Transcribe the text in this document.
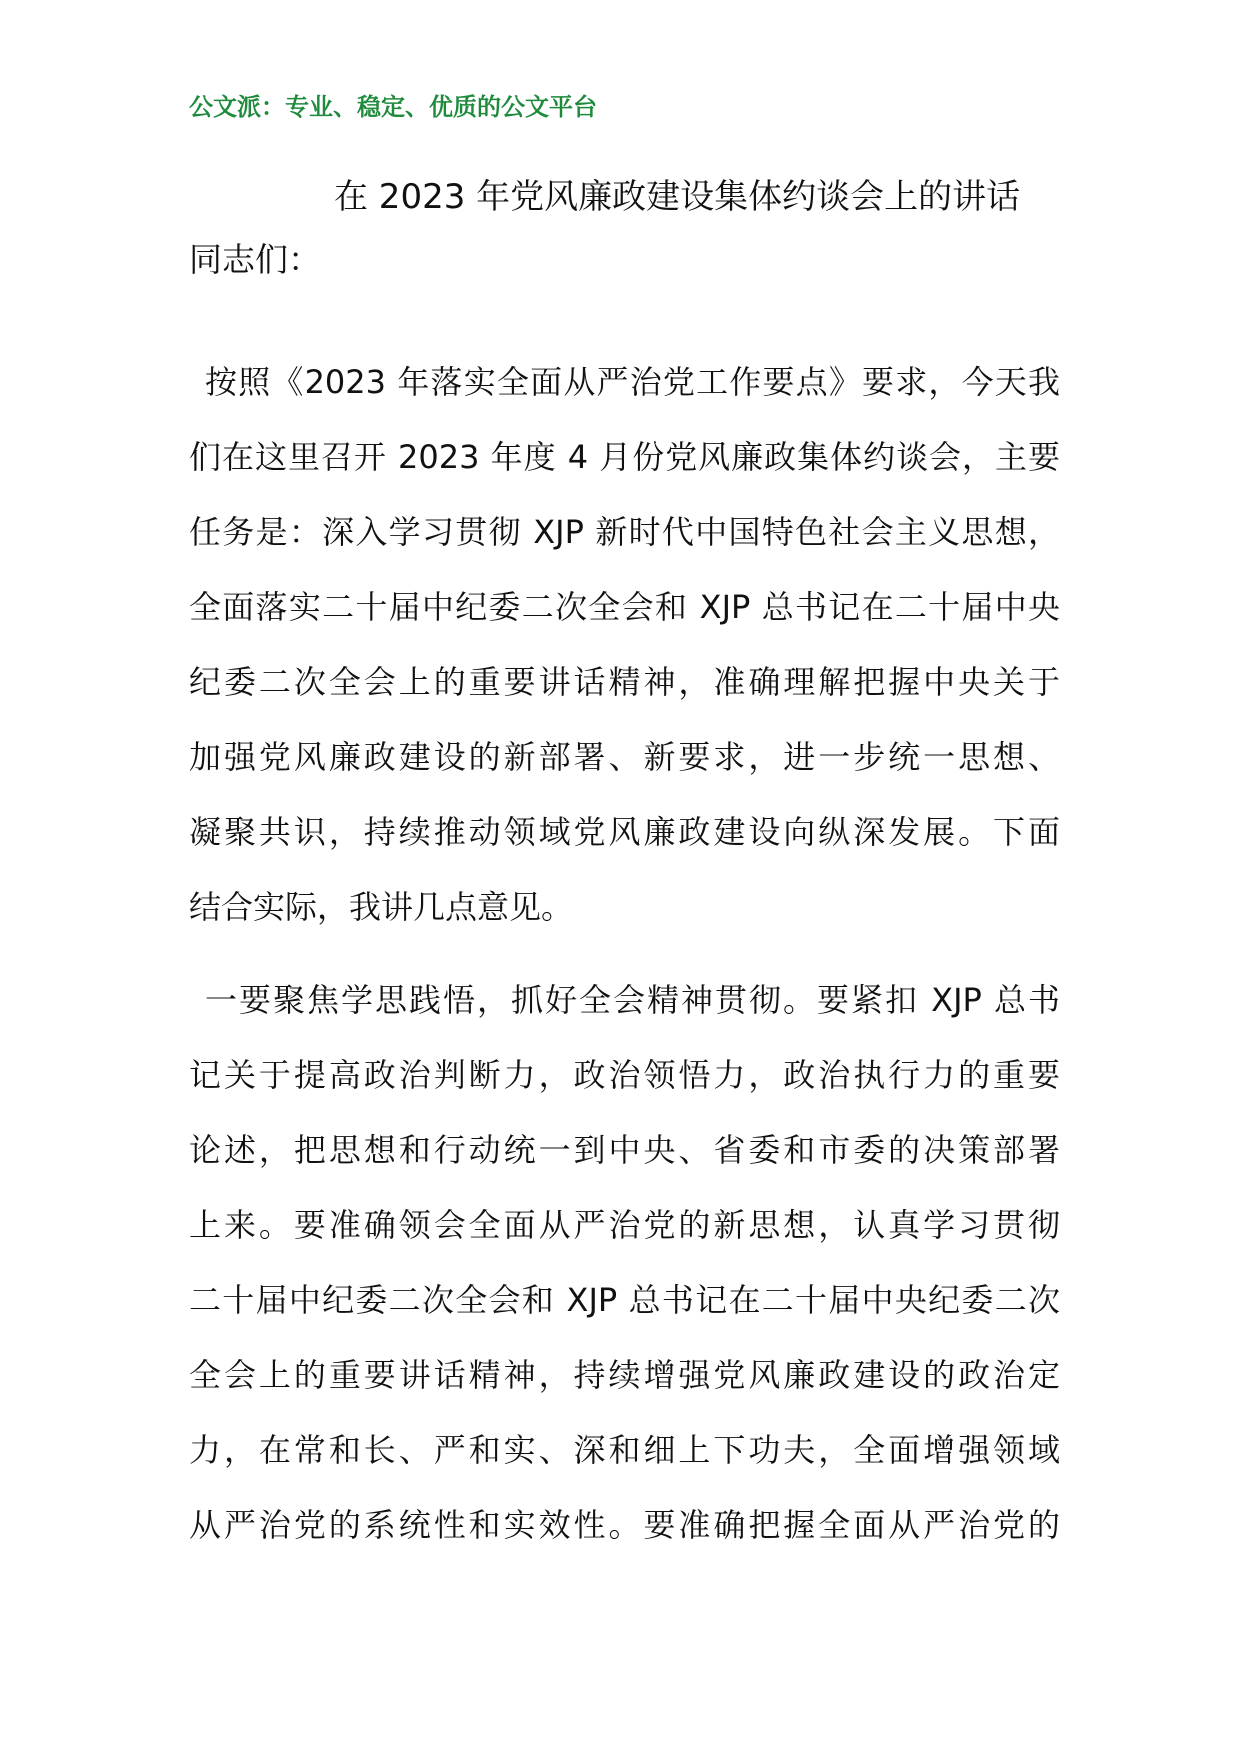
公文派：专业、稳定、优质的公文平台
在 2023 年党风廉政建设集体约谈会上的讲话
同志们：
按照《2023 年落实全面从严治党工作要点》要求，今天我
们在这里召开 2023 年度 4 月份党风廉政集体约谈会，主要
任务是：深入学习贯彻 XJP 新时代中国特色社会主义思想，
全面落实二十届中纪委二次全会和 XJP 总书记在二十届中央
纪委二次全会上的重要讲话精神，准确理解把握中央关于
加强党风廉政建设的新部署、新要求，进一步统一思想、
凝聚共识，持续推动领域党风廉政建设向纵深发展。下面
结合实际，我讲几点意见。
一要聚焦学思践悟，抓好全会精神贯彻。要紧扣 XJP 总书
记关于提高政治判断力，政治领悟力，政治执行力的重要
论述，把思想和行动统一到中央、省委和市委的决策部署
上来。要准确领会全面从严治党的新思想，认真学习贯彻
二十届中纪委二次全会和 XJP 总书记在二十届中央纪委二次
全会上的重要讲话精神，持续增强党风廉政建设的政治定
力，在常和长、严和实、深和细上下功夫，全面增强领域
从严治党的系统性和实效性。要准确把握全面从严治党的
